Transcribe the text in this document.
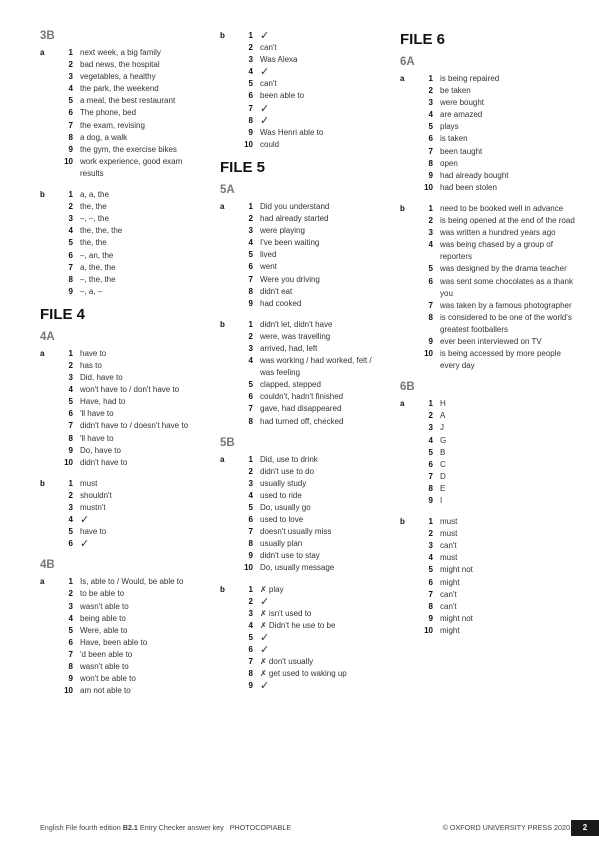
3B
a	1 next week, a big family
2 bad news, the hospital
3 vegetables, a healthy
4 the park, the weekend
5 a meal, the best restaurant
6 The phone, bed
7 the exam, revising
8 a dog, a walk
9 the gym, the exercise bikes
10 work experience, good exam results
b	1 a, a, the
2 the, the
3 –, –, the
4 the, the, the
5 the, the
6 –, an, the
7 a, the, the
8 –, the, the
9 –, a, –
FILE 4
4A
a	1 have to
2 has to
3 Did, have to
4 won't have to / don't have to
5 Have, had to
6 'll have to
7 didn't have to / doesn't have to
8 'll have to
9 Do, have to
10 didn't have to
b	1 must
2 shouldn't
3 mustn't
4 ✓
5 have to
6 ✓
4B
a	1 Is, able to / Would, be able to
2 to be able to
3 wasn't able to
4 being able to
5 Were, able to
6 Have, been able to
7 'd been able to
8 wasn't able to
9 won't be able to
10 am not able to
b	1 ✓
2 can't
3 Was Alexa
4 ✓
5 can't
6 been able to
7 ✓
8 ✓
9 Was Henri able to
10 could
FILE 5
5A
a	1 Did you understand
2 had already started
3 were playing
4 I've been waiting
5 lived
6 went
7 Were you driving
8 didn't eat
9 had cooked
b	1 didn't let, didn't have
2 were, was travelling
3 arrived, had, left
4 was working / had worked, felt / was feeling
5 clapped, stepped
6 couldn't, hadn't finished
7 gave, had disappeared
8 had turned off, checked
5B
a	1 Did, use to drink
2 didn't use to do
3 usually study
4 used to ride
5 Do, usually go
6 used to love
7 doesn't usually miss
8 usually plan
9 didn't use to stay
10 Do, usually message
b	1 ✗ play
2 ✓
3 ✗ isn't used to
4 ✗ Didn't he use to be
5 ✓
6 ✓
7 ✗ don't usually
8 ✗ get used to waking up
9 ✓
FILE 6
6A
a	1 is being repaired
2 be taken
3 were bought
4 are amazed
5 plays
6 is taken
7 been taught
8 open
9 had already bought
10 had been stolen
b	1 need to be booked well in advance
2 is being opened at the end of the road
3 was written a hundred years ago
4 was being chased by a group of reporters
5 was designed by the drama teacher
6 was sent some chocolates as a thank you
7 was taken by a famous photographer
8 is considered to be one of the world's greatest footballers
9 ever been interviewed on TV
10 is being accessed by more people every day
6B
a	1 H
2 A
3 J
4 G
5 B
6 C
7 D
8 E
9 I
b	1 must
2 must
3 can't
4 must
5 might not
6 might
7 can't
8 can't
9 might not
10 might
English File fourth edition B2.1 Entry Checker answer key   PHOTOCOPIABLE	© OXFORD UNIVERSITY PRESS 2020	2
